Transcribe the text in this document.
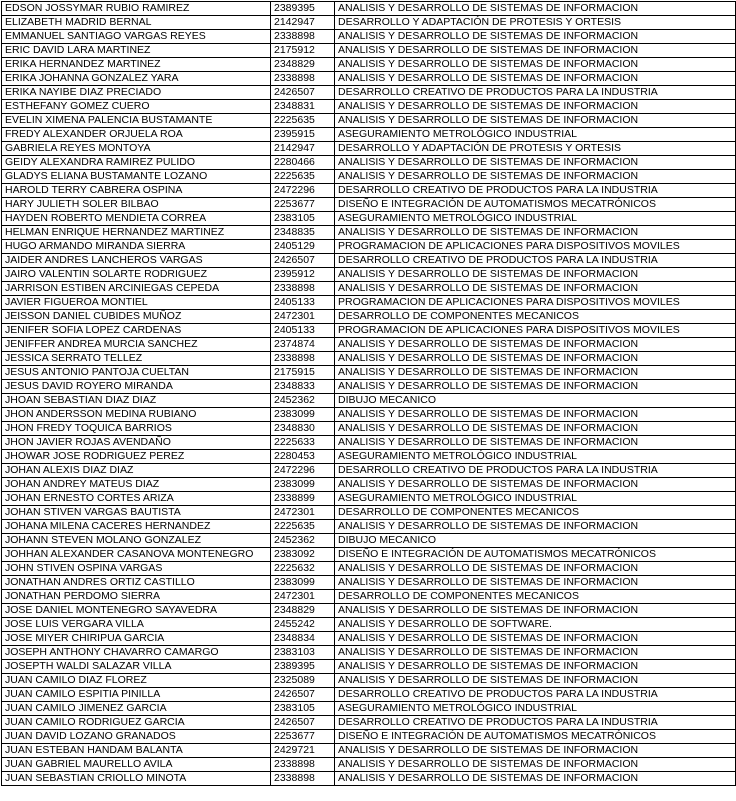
EDSON JOSSYMAR RUBIO RAMIREZ	2389395	ANALISIS Y DESARROLLO DE SISTEMAS DE INFORMACION
ELIZABETH MADRID BERNAL	2142947	DESARROLLO Y ADAPTACIÓN DE PROTESIS Y ORTESIS
EMMANUEL SANTIAGO VARGAS REYES	2338898	ANALISIS Y DESARROLLO DE SISTEMAS DE INFORMACION
ERIC DAVID LARA MARTINEZ	2175912	ANALISIS Y DESARROLLO DE SISTEMAS DE INFORMACION
ERIKA HERNANDEZ MARTINEZ	2348829	ANALISIS Y DESARROLLO DE SISTEMAS DE INFORMACION
ERIKA JOHANNA GONZALEZ YARA	2338898	ANALISIS Y DESARROLLO DE SISTEMAS DE INFORMACION
ERIKA NAYIBE DIAZ PRECIADO	2426507	DESARROLLO CREATIVO DE PRODUCTOS PARA LA INDUSTRIA
ESTHEFANY GOMEZ CUERO	2348831	ANALISIS Y DESARROLLO DE SISTEMAS DE INFORMACION
EVELIN XIMENA PALENCIA BUSTAMANTE	2225635	ANALISIS Y DESARROLLO DE SISTEMAS DE INFORMACION
FREDY ALEXANDER ORJUELA ROA	2395915	ASEGURAMIENTO METROLÓGICO INDUSTRIAL
GABRIELA REYES MONTOYA	2142947	DESARROLLO Y ADAPTACIÓN DE PROTESIS Y ORTESIS
GEIDY ALEXANDRA RAMIREZ PULIDO	2280466	ANALISIS Y DESARROLLO DE SISTEMAS DE INFORMACION
GLADYS ELIANA BUSTAMANTE LOZANO	2225635	ANALISIS Y DESARROLLO DE SISTEMAS DE INFORMACION
HAROLD TERRY CABRERA OSPINA	2472296	DESARROLLO CREATIVO DE PRODUCTOS PARA LA INDUSTRIA
HARY JULIETH SOLER BILBAO	2253677	DISEÑO E INTEGRACIÓN DE AUTOMATISMOS MECATRÓNICOS
HAYDEN ROBERTO MENDIETA CORREA	2383105	ASEGURAMIENTO METROLÓGICO INDUSTRIAL
HELMAN ENRIQUE HERNANDEZ MARTINEZ	2348835	ANALISIS Y DESARROLLO DE SISTEMAS DE INFORMACION
HUGO ARMANDO MIRANDA SIERRA	2405129	PROGRAMACION DE APLICACIONES PARA DISPOSITIVOS MOVILES
JAIDER ANDRES LANCHEROS VARGAS	2426507	DESARROLLO CREATIVO DE PRODUCTOS PARA LA INDUSTRIA
JAIRO VALENTIN SOLARTE RODRIGUEZ	2395912	ANALISIS Y DESARROLLO DE SISTEMAS DE INFORMACION
JARRISON ESTIBEN ARCINIEGAS CEPEDA	2338898	ANALISIS Y DESARROLLO DE SISTEMAS DE INFORMACION
JAVIER FIGUEROA MONTIEL	2405133	PROGRAMACION DE APLICACIONES PARA DISPOSITIVOS MOVILES
JEISSON DANIEL CUBIDES MUÑOZ	2472301	DESARROLLO DE COMPONENTES MECANICOS
JENIFER SOFIA LOPEZ CARDENAS	2405133	PROGRAMACION DE APLICACIONES PARA DISPOSITIVOS MOVILES
JENIFFER ANDREA MURCIA SANCHEZ	2374874	ANALISIS Y DESARROLLO DE SISTEMAS DE INFORMACION
JESSICA SERRATO TELLEZ	2338898	ANALISIS Y DESARROLLO DE SISTEMAS DE INFORMACION
JESUS ANTONIO PANTOJA CUELTAN	2175915	ANALISIS Y DESARROLLO DE SISTEMAS DE INFORMACION
JESUS DAVID ROYERO MIRANDA	2348833	ANALISIS Y DESARROLLO DE SISTEMAS DE INFORMACION
JHOAN SEBASTIAN DIAZ DIAZ	2452362	DIBUJO MECANICO
JHON ANDERSSON MEDINA RUBIANO	2383099	ANALISIS Y DESARROLLO DE SISTEMAS DE INFORMACION
JHON FREDY TOQUICA BARRIOS	2348830	ANALISIS Y DESARROLLO DE SISTEMAS DE INFORMACION
JHON JAVIER ROJAS AVENDAÑO	2225633	ANALISIS Y DESARROLLO DE SISTEMAS DE INFORMACION
JHOWAR JOSE RODRIGUEZ PEREZ	2280453	ASEGURAMIENTO METROLÓGICO INDUSTRIAL
JOHAN ALEXIS DIAZ DIAZ	2472296	DESARROLLO CREATIVO DE PRODUCTOS PARA LA INDUSTRIA
JOHAN ANDREY MATEUS DIAZ	2383099	ANALISIS Y DESARROLLO DE SISTEMAS DE INFORMACION
JOHAN ERNESTO CORTES ARIZA	2338899	ASEGURAMIENTO METROLÓGICO INDUSTRIAL
JOHAN STIVEN VARGAS BAUTISTA	2472301	DESARROLLO DE COMPONENTES MECANICOS
JOHANA MILENA CACERES HERNANDEZ	2225635	ANALISIS Y DESARROLLO DE SISTEMAS DE INFORMACION
JOHANN STEVEN MOLANO GONZALEZ	2452362	DIBUJO MECANICO
JOHHAN ALEXANDER CASANOVA MONTENEGRO	2383092	DISEÑO E INTEGRACIÓN DE AUTOMATISMOS MECATRÓNICOS
JOHN STIVEN OSPINA VARGAS	2225632	ANALISIS Y DESARROLLO DE SISTEMAS DE INFORMACION
JONATHAN ANDRES ORTIZ CASTILLO	2383099	ANALISIS Y DESARROLLO DE SISTEMAS DE INFORMACION
JONATHAN PERDOMO SIERRA	2472301	DESARROLLO DE COMPONENTES MECANICOS
JOSE DANIEL MONTENEGRO SAYAVEDRA	2348829	ANALISIS Y DESARROLLO DE SISTEMAS DE INFORMACION
JOSE LUIS VERGARA VILLA	2455242	ANALISIS Y DESARROLLO DE SOFTWARE.
JOSE MIYER CHIRIPUA GARCIA	2348834	ANALISIS Y DESARROLLO DE SISTEMAS DE INFORMACION
JOSEPH ANTHONY CHAVARRO CAMARGO	2383103	ANALISIS Y DESARROLLO DE SISTEMAS DE INFORMACION
JOSEPTH WALDI SALAZAR VILLA	2389395	ANALISIS Y DESARROLLO DE SISTEMAS DE INFORMACION
JUAN CAMILO DIAZ FLOREZ	2325089	ANALISIS Y DESARROLLO DE SISTEMAS DE INFORMACION
JUAN CAMILO ESPITIA PINILLA	2426507	DESARROLLO CREATIVO DE PRODUCTOS PARA LA INDUSTRIA
JUAN CAMILO JIMENEZ GARCIA	2383105	ASEGURAMIENTO METROLÓGICO INDUSTRIAL
JUAN CAMILO RODRIGUEZ GARCIA	2426507	DESARROLLO CREATIVO DE PRODUCTOS PARA LA INDUSTRIA
JUAN DAVID LOZANO GRANADOS	2253677	DISEÑO E INTEGRACIÓN DE AUTOMATISMOS MECATRÓNICOS
JUAN ESTEBAN HANDAM BALANTA	2429721	ANALISIS Y DESARROLLO DE SISTEMAS DE INFORMACION
JUAN GABRIEL MAURELLO AVILA	2338898	ANALISIS Y DESARROLLO DE SISTEMAS DE INFORMACION
JUAN SEBASTIAN CRIOLLO MINOTA	2338898	ANALISIS Y DESARROLLO DE SISTEMAS DE INFORMACION
